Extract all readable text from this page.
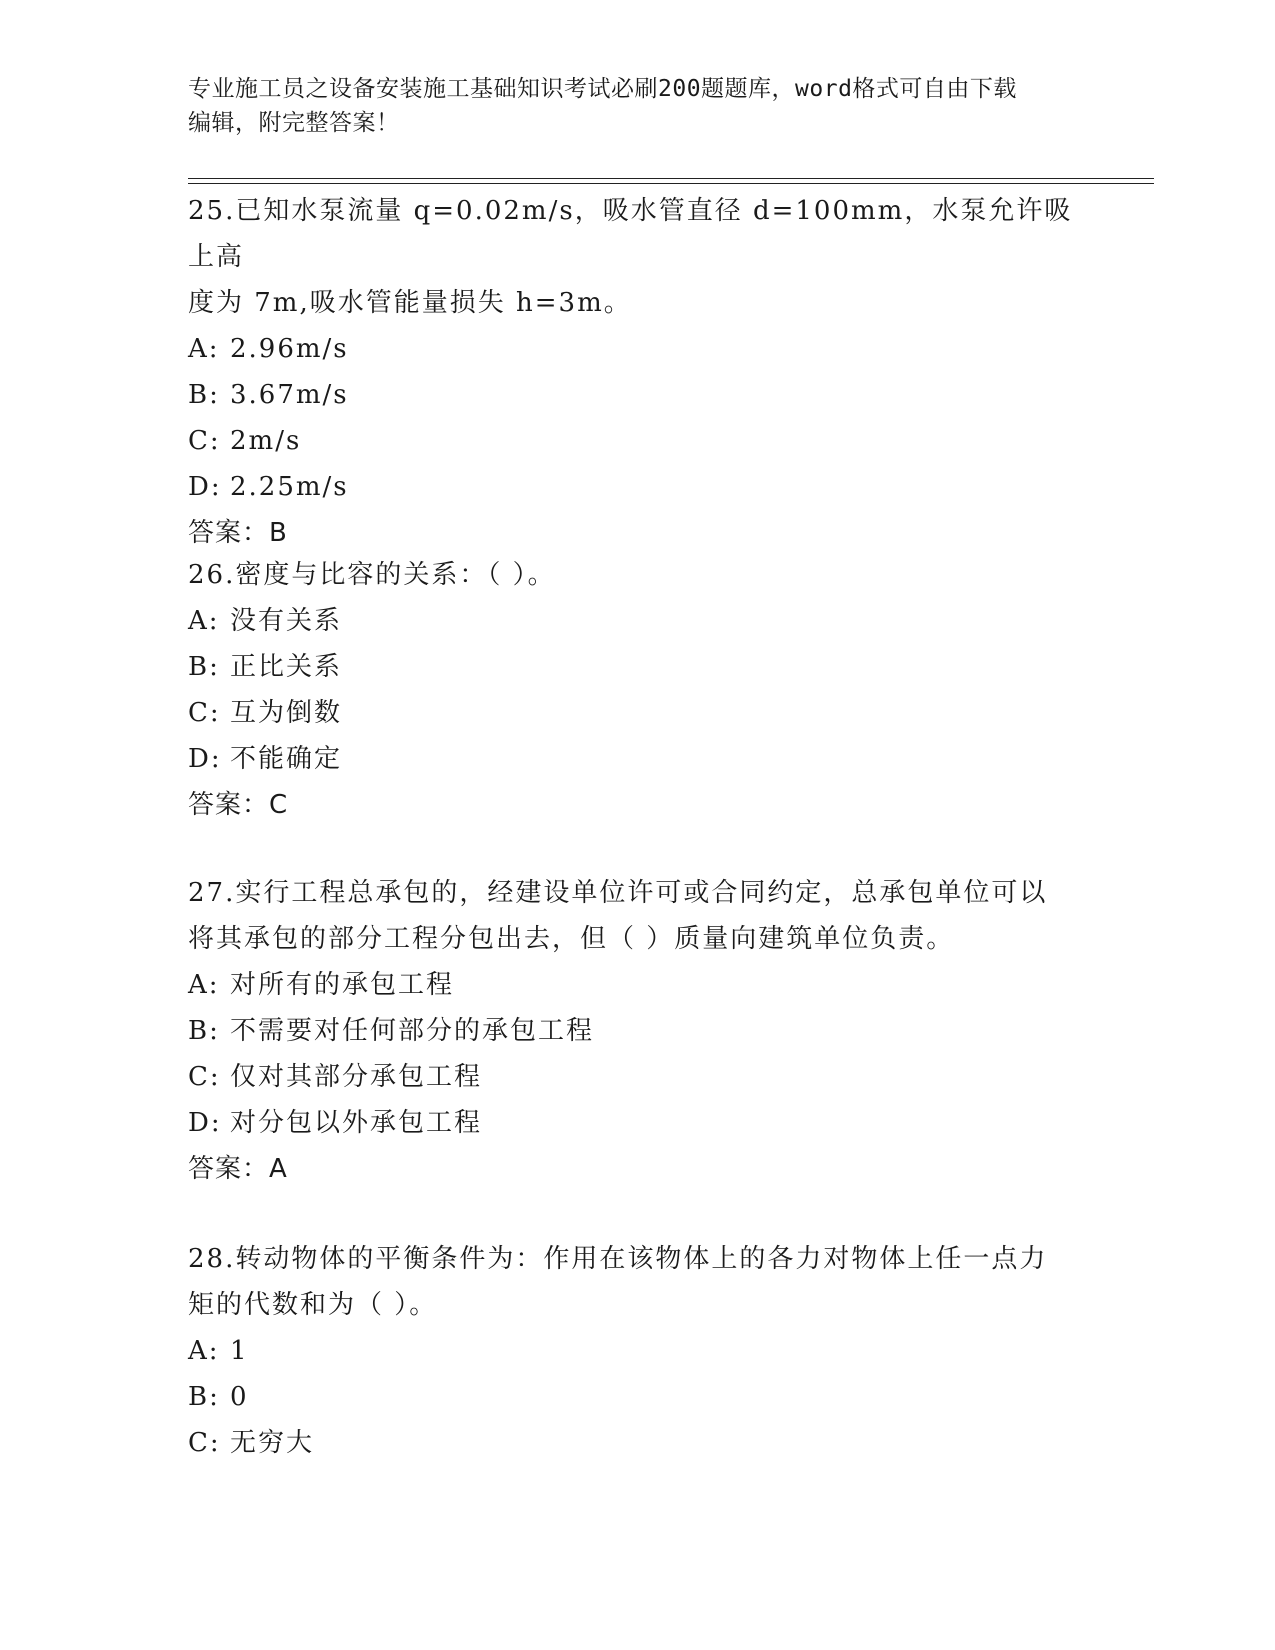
专业施工员之设备安装施工基础知识考试必刷200题题库，word格式可自由下载
编辑，附完整答案！
25.已知水泵流量 q=0.02m/s，吸水管直径 d=100mm，水泵允许吸上高
度为 7m,吸水管能量损失 h=3m。
A: 2.96m/s
B: 3.67m/s
C: 2m/s
D: 2.25m/s
答案：B
26.密度与比容的关系：（ ）。
A: 没有关系
B: 正比关系
C: 互为倒数
D: 不能确定
答案：C
27.实行工程总承包的，经建设单位许可或合同约定，总承包单位可以
将其承包的部分工程分包出去，但（ ）质量向建筑单位负责。
A: 对所有的承包工程
B: 不需要对任何部分的承包工程
C: 仅对其部分承包工程
D: 对分包以外承包工程
答案：A
28.转动物体的平衡条件为：作用在该物体上的各力对物体上任一点力
矩的代数和为（ ）。
A: 1
B: 0
C: 无穷大
